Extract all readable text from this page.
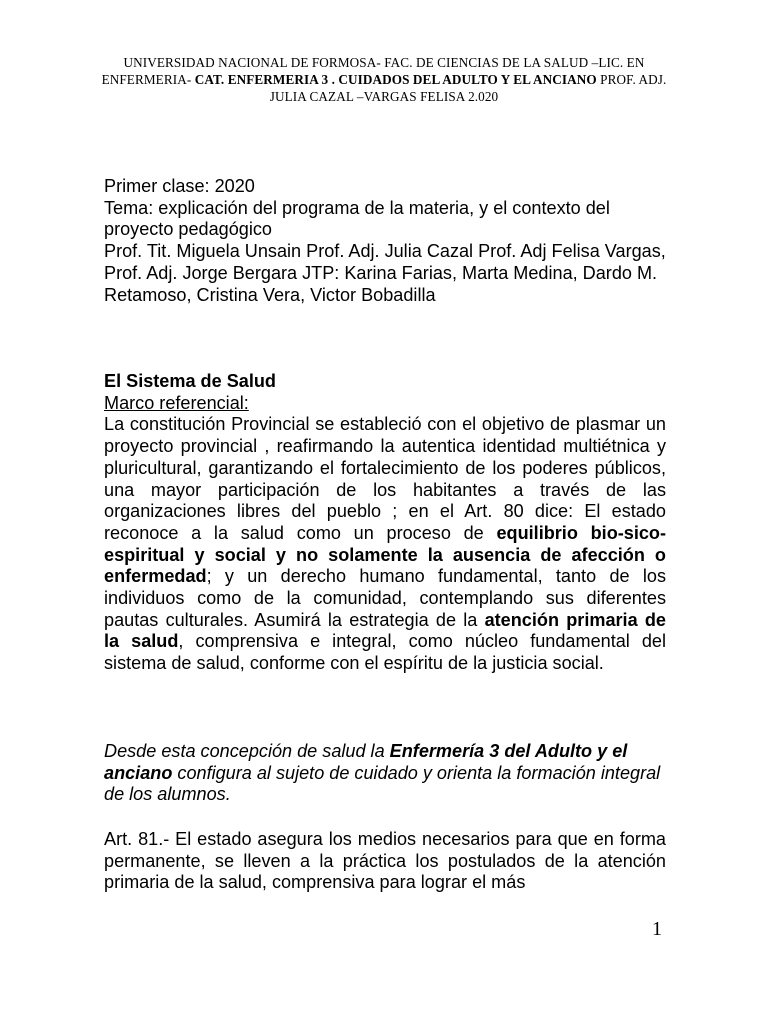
UNIVERSIDAD NACIONAL DE FORMOSA- FAC. DE CIENCIAS DE LA SALUD –LIC. EN ENFERMERIA- CAT. ENFERMERIA 3 . CUIDADOS DEL ADULTO Y EL ANCIANO PROF. ADJ. JULIA CAZAL –VARGAS FELISA 2.020

Primer clase: 2020

Tema: explicación del programa de la materia, y el contexto del proyecto pedagógico

Prof. Tit. Miguela Unsain Prof. Adj. Julia Cazal Prof. Adj Felisa Vargas, Prof. Adj. Jorge Bergara JTP: Karina Farias, Marta Medina, Dardo M. Retamoso, Cristina Vera, Victor Bobadilla

El Sistema de Salud

Marco referencial:

La constitución Provincial se estableció con el objetivo de plasmar un proyecto provincial , reafirmando la autentica identidad multiétnica y pluricultural, garantizando el fortalecimiento de los poderes públicos, una mayor participación de los habitantes a través de las organizaciones libres del pueblo ; en el Art. 80 dice: El estado reconoce a la salud como un proceso de equilibrio bio-sico-espiritual y social y no solamente la ausencia de afección o enfermedad; y un derecho humano fundamental, tanto de los individuos como de la comunidad, contemplando sus diferentes pautas culturales. Asumirá la estrategia de la atención primaria de la salud, comprensiva e integral, como núcleo fundamental del sistema de salud, conforme con el espíritu de la justicia social.

Desde esta concepción de salud la Enfermería 3 del Adulto y el anciano configura al sujeto de cuidado y orienta la formación integral de los alumnos.

Art. 81.- El estado asegura los medios necesarios para que en forma permanente, se lleven a la práctica los postulados de la atención primaria de la salud, comprensiva para lograr el más

1
